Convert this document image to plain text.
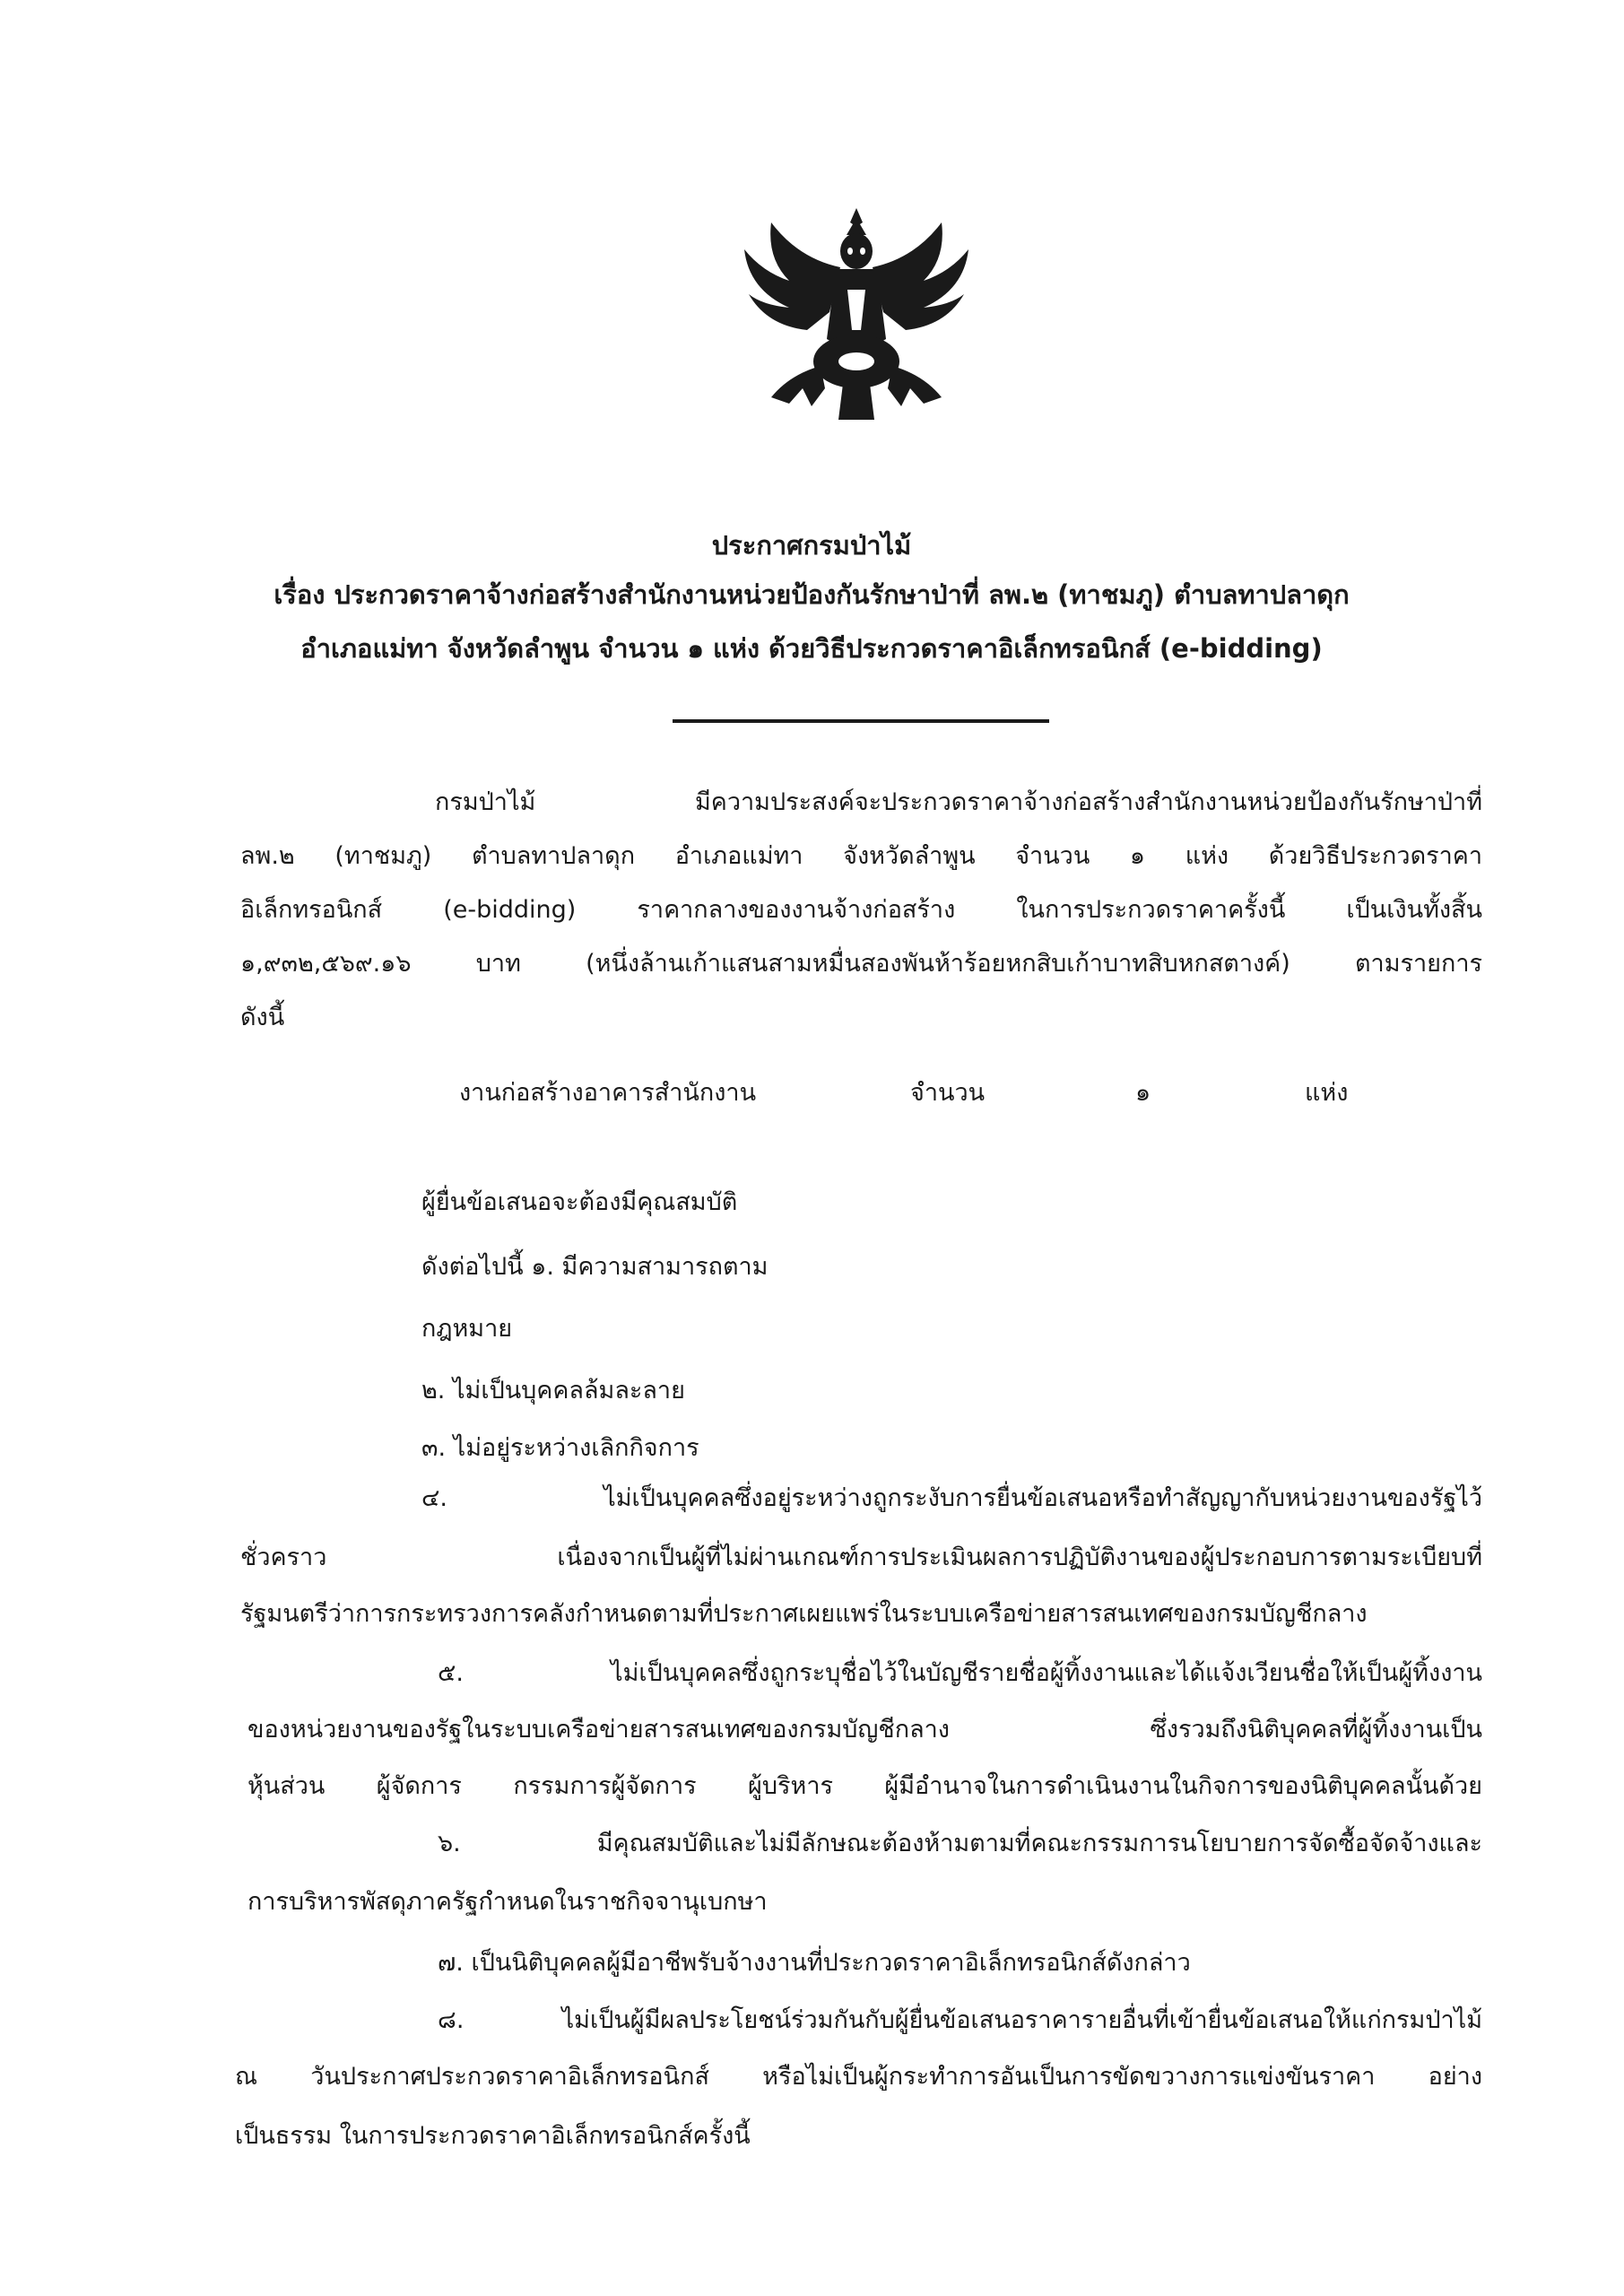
ประกาศกรมป่าไม้
เรื่อง ประกวดราคาจ้างก่อสร้างสำนักงานหน่วยป้องกันรักษาป่าที่ ลพ.๒ (ทาชมภู) ตำบลทาปลาดุก
อำเภอแม่ทา จังหวัดลำพูน จำนวน ๑ แห่ง ด้วยวิธีประกวดราคาอิเล็กทรอนิกส์ (e-bidding)
กรมป่าไม้ มีความประสงค์จะประกวดราคาจ้างก่อสร้างสำนักงานหน่วยป้องกันรักษาป่าที่
ลพ.๒ (ทาชมภู) ตำบลทาปลาดุก อำเภอแม่ทา จังหวัดลำพูน จำนวน ๑ แห่ง ด้วยวิธีประกวดราคา
อิเล็กทรอนิกส์ (e-bidding) ราคากลางของงานจ้างก่อสร้าง ในการประกวดราคาครั้งนี้ เป็นเงินทั้งสิ้น
๑,๙๓๒,๕๖๙.๑๖ บาท (หนึ่งล้านเก้าแสนสามหมื่นสองพันห้าร้อยหกสิบเก้าบาทสิบหกสตางค์) ตามรายการ
ดังนี้
งานก่อสร้างอาคารสำนักงาน	จำนวน	๑	แห่ง
ผู้ยื่นข้อเสนอจะต้องมีคุณสมบัติ
ดังต่อไปนี้ ๑. มีความสามารถตาม
กฎหมาย
๒. ไม่เป็นบุคคลล้มละลาย
๓. ไม่อยู่ระหว่างเลิกกิจการ
๔. ไม่เป็นบุคคลซึ่งอยู่ระหว่างถูกระงับการยื่นข้อเสนอหรือทำสัญญากับหน่วยงานของรัฐไว้
ชั่วคราว เนื่องจากเป็นผู้ที่ไม่ผ่านเกณฑ์การประเมินผลการปฏิบัติงานของผู้ประกอบการตามระเบียบที่
รัฐมนตรีว่าการกระทรวงการคลังกำหนดตามที่ประกาศเผยแพร่ในระบบเครือข่ายสารสนเทศของกรมบัญชีกลาง
๕. ไม่เป็นบุคคลซึ่งถูกระบุชื่อไว้ในบัญชีรายชื่อผู้ทิ้งงานและได้แจ้งเวียนชื่อให้เป็นผู้ทิ้งงาน
ของหน่วยงานของรัฐในระบบเครือข่ายสารสนเทศของกรมบัญชีกลาง ซึ่งรวมถึงนิติบุคคลที่ผู้ทิ้งงานเป็น
หุ้นส่วน ผู้จัดการ กรรมการผู้จัดการ ผู้บริหาร ผู้มีอำนาจในการดำเนินงานในกิจการของนิติบุคคลนั้นด้วย
๖. มีคุณสมบัติและไม่มีลักษณะต้องห้ามตามที่คณะกรรมการนโยบายการจัดซื้อจัดจ้างและ
การบริหารพัสดุภาครัฐกำหนดในราชกิจจานุเบกษา
๗. เป็นนิติบุคคลผู้มีอาชีพรับจ้างงานที่ประกวดราคาอิเล็กทรอนิกส์ดังกล่าว
๘. ไม่เป็นผู้มีผลประโยชน์ร่วมกันกับผู้ยื่นข้อเสนอราคารายอื่นที่เข้ายื่นข้อเสนอให้แก่กรมป่าไม้
ณ วันประกาศประกวดราคาอิเล็กทรอนิกส์ หรือไม่เป็นผู้กระทำการอันเป็นการขัดขวางการแข่งขันราคา อย่าง
เป็นธรรม ในการประกวดราคาอิเล็กทรอนิกส์ครั้งนี้
